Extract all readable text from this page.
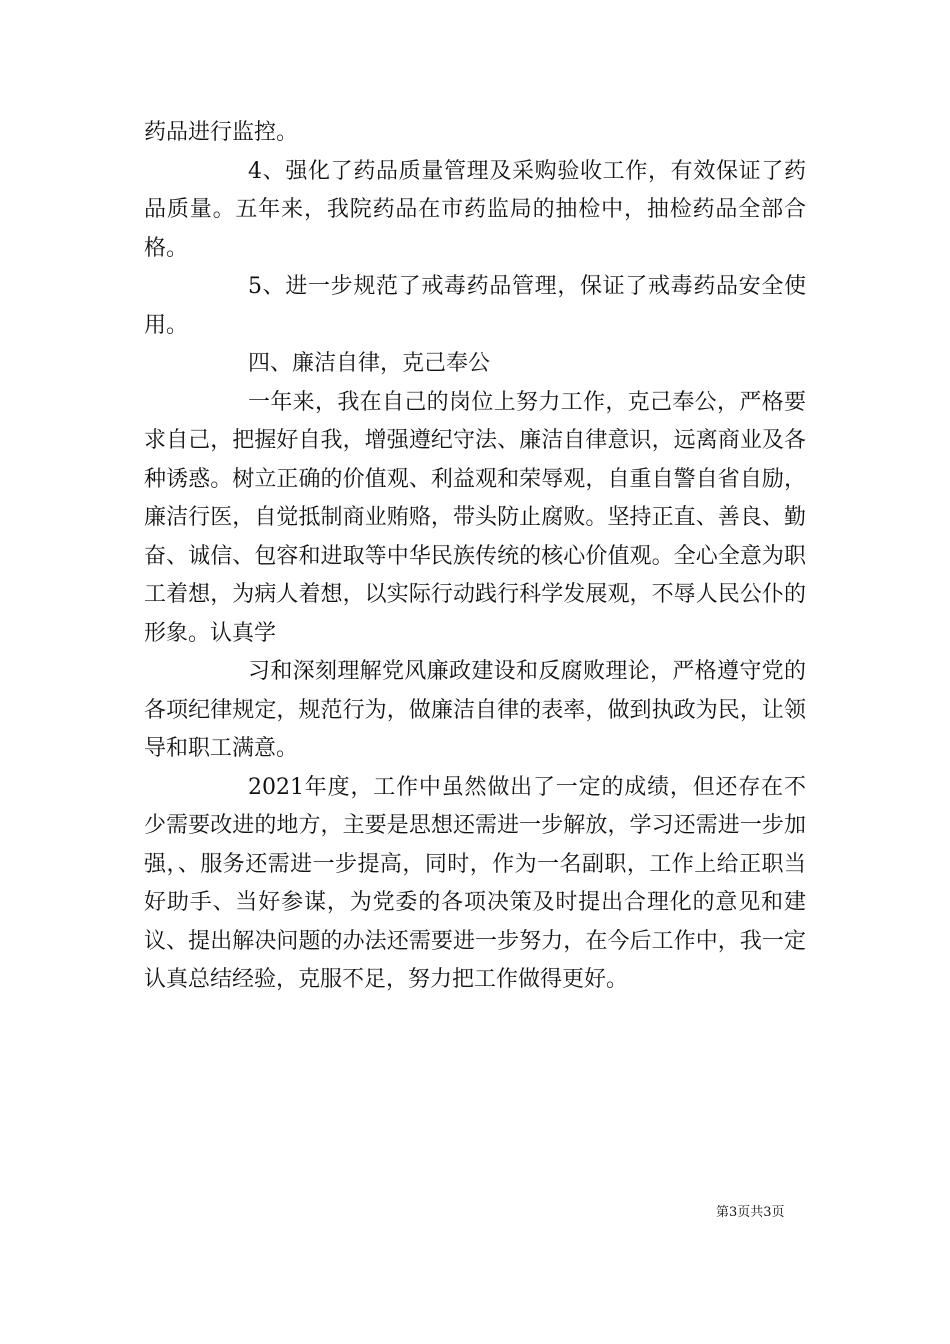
药品进行监控。

4、强化了药品质量管理及采购验收工作，有效保证了药品质量。五年来，我院药品在市药监局的抽检中，抽检药品全部合格。

5、进一步规范了戒毒药品管理，保证了戒毒药品安全使用。

四、廉洁自律，克己奉公

一年来，我在自己的岗位上努力工作，克己奉公，严格要求自己，把握好自我，增强遵纪守法、廉洁自律意识，远离商业及各种诱惑。树立正确的价值观、利益观和荣辱观，自重自警自省自励，廉洁行医，自觉抵制商业贿赂，带头防止腐败。坚持正直、善良、勤奋、诚信、包容和进取等中华民族传统的核心价值观。全心全意为职工着想，为病人着想，以实际行动践行科学发展观，不辱人民公仆的形象。认真学

习和深刻理解党风廉政建设和反腐败理论，严格遵守党的各项纪律规定，规范行为，做廉洁自律的表率，做到执政为民，让领导和职工满意。

2021年度，工作中虽然做出了一定的成绩，但还存在不少需要改进的地方，主要是思想还需进一步解放，学习还需进一步加强，、服务还需进一步提高，同时，作为一名副职，工作上给正职当好助手、当好参谋，为党委的各项决策及时提出合理化的意见和建议、提出解决问题的办法还需要进一步努力，在今后工作中，我一定认真总结经验，克服不足，努力把工作做得更好。

第3页共3页
